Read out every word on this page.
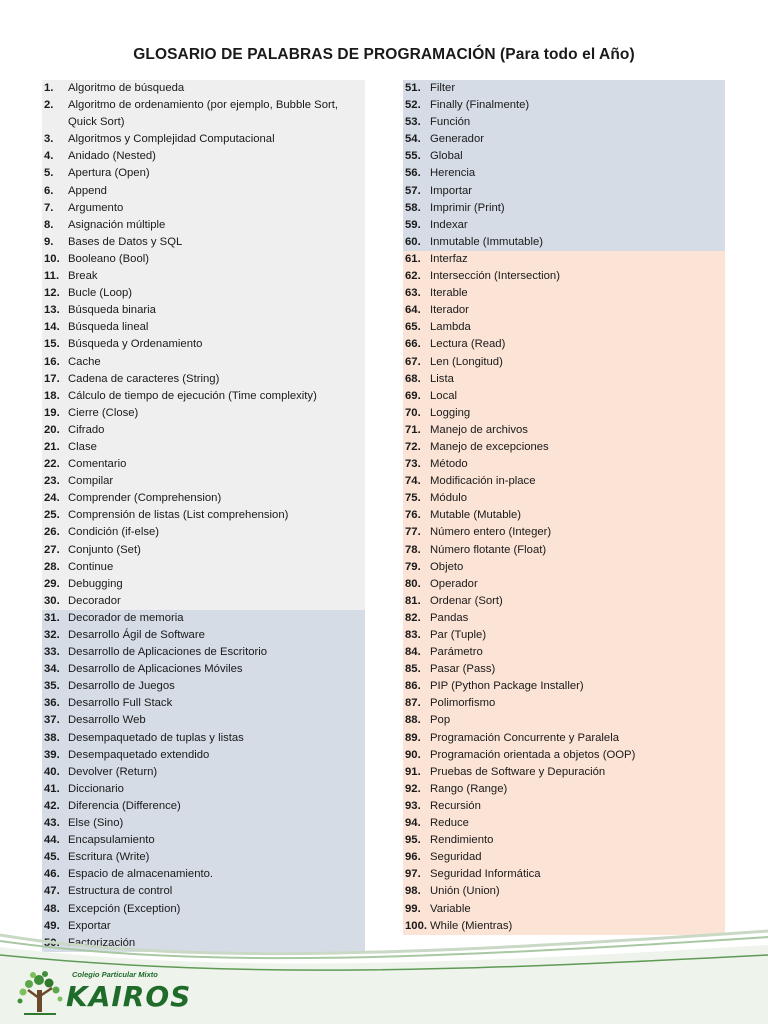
GLOSARIO DE PALABRAS DE PROGRAMACIÓN (Para todo el Año)
1.	Algoritmo de búsqueda
2.	Algoritmo de ordenamiento (por ejemplo, Bubble Sort, Quick Sort)
3.	Algoritmos y Complejidad Computacional
4.	Anidado (Nested)
5.	Apertura (Open)
6.	Append
7.	Argumento
8.	Asignación múltiple
9.	Bases de Datos y SQL
10. Booleano (Bool)
11. Break
12. Bucle (Loop)
13. Búsqueda binaria
14. Búsqueda lineal
15. Búsqueda y Ordenamiento
16. Cache
17. Cadena de caracteres (String)
18. Cálculo de tiempo de ejecución (Time complexity)
19. Cierre (Close)
20. Cifrado
21. Clase
22. Comentario
23. Compilar
24. Comprender (Comprehension)
25. Comprensión de listas (List comprehension)
26. Condición (if-else)
27. Conjunto (Set)
28. Continue
29. Debugging
30. Decorador
31. Decorador de memoria
32. Desarrollo Ágil de Software
33. Desarrollo de Aplicaciones de Escritorio
34. Desarrollo de Aplicaciones Móviles
35. Desarrollo de Juegos
36. Desarrollo Full Stack
37. Desarrollo Web
38. Desempaquetado de tuplas y listas
39. Desempaquetado extendido
40. Devolver (Return)
41. Diccionario
42. Diferencia (Difference)
43. Else (Sino)
44. Encapsulamiento
45. Escritura (Write)
46. Espacio de almacenamiento.
47. Estructura de control
48. Excepción (Exception)
49. Exportar
50. Factorización
51. Filter
52. Finally (Finalmente)
53. Función
54. Generador
55. Global
56. Herencia
57. Importar
58. Imprimir (Print)
59. Indexar
60. Inmutable (Immutable)
61. Interfaz
62. Intersección (Intersection)
63. Iterable
64. Iterador
65. Lambda
66. Lectura (Read)
67. Len (Longitud)
68. Lista
69. Local
70. Logging
71. Manejo de archivos
72. Manejo de excepciones
73. Método
74. Modificación in-place
75. Módulo
76. Mutable (Mutable)
77. Número entero (Integer)
78. Número flotante (Float)
79. Objeto
80. Operador
81. Ordenar (Sort)
82. Pandas
83. Par (Tuple)
84. Parámetro
85. Pasar (Pass)
86. PIP (Python Package Installer)
87. Polimorfismo
88. Pop
89. Programación Concurrente y Paralela
90. Programación orientada a objetos (OOP)
91. Pruebas de Software y Depuración
92. Rango (Range)
93. Recursión
94. Reduce
95. Rendimiento
96. Seguridad
97. Seguridad Informática
98. Unión (Union)
99. Variable
100. While (Mientras)
Colegio Particular Mixto
KAIROS
